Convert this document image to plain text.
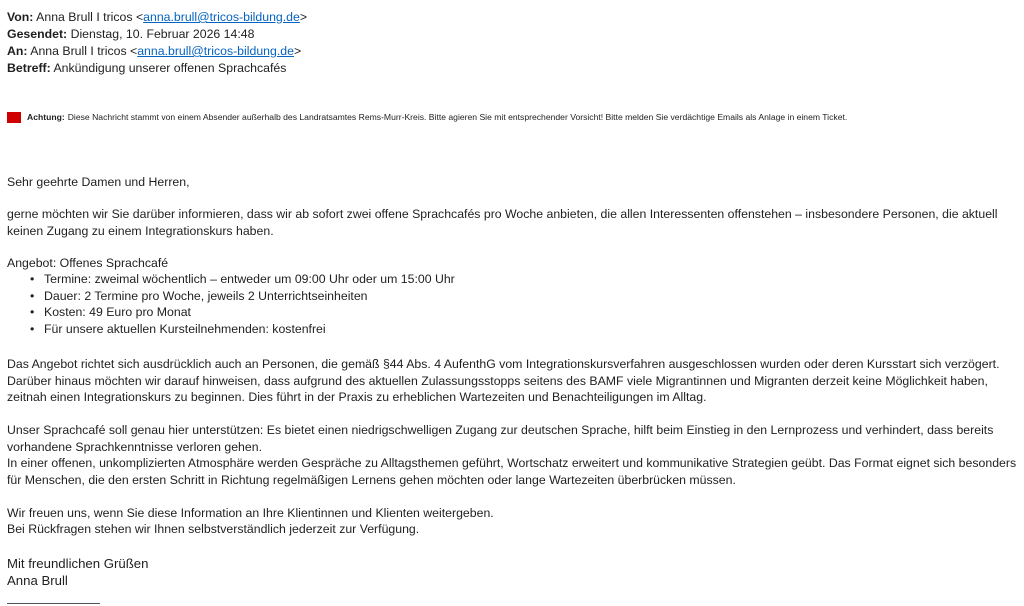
Von: Anna Brull I tricos <anna.brull@tricos-bildung.de>
Gesendet: Dienstag, 10. Februar 2026 14:48
An: Anna Brull I tricos <anna.brull@tricos-bildung.de>
Betreff: Ankündigung unserer offenen Sprachcafés
Achtung: Diese Nachricht stammt von einem Absender außerhalb des Landratsamtes Rems-Murr-Kreis. Bitte agieren Sie mit entsprechender Vorsicht! Bitte melden Sie verdächtige Emails als Anlage in einem Ticket.
Sehr geehrte Damen und Herren,
gerne möchten wir Sie darüber informieren, dass wir ab sofort zwei offene Sprachcafés pro Woche anbieten, die allen Interessenten offenstehen – insbesondere Personen, die aktuell keinen Zugang zu einem Integrationskurs haben.
Angebot: Offenes Sprachcafé
• Termine: zweimal wöchentlich – entweder um 09:00 Uhr oder um 15:00 Uhr
• Dauer: 2 Termine pro Woche, jeweils 2 Unterrichtseinheiten
• Kosten: 49 Euro pro Monat
• Für unsere aktuellen Kursteilnehmenden: kostenfrei
Das Angebot richtet sich ausdrücklich auch an Personen, die gemäß §44 Abs. 4 AufenthG vom Integrationskursverfahren ausgeschlossen wurden oder deren Kursstart sich verzögert. Darüber hinaus möchten wir darauf hinweisen, dass aufgrund des aktuellen Zulassungsstopps seitens des BAMF viele Migrantinnen und Migranten derzeit keine Möglichkeit haben, zeitnah einen Integrationskurs zu beginnen. Dies führt in der Praxis zu erheblichen Wartezeiten und Benachteiligungen im Alltag.
Unser Sprachcafé soll genau hier unterstützen: Es bietet einen niedrigschwelligen Zugang zur deutschen Sprache, hilft beim Einstieg in den Lernprozess und verhindert, dass bereits vorhandene Sprachkenntnisse verloren gehen.
In einer offenen, unkomplizierten Atmosphäre werden Gespräche zu Alltagsthemen geführt, Wortschatz erweitert und kommunikative Strategien geübt. Das Format eignet sich besonders für Menschen, die den ersten Schritt in Richtung regelmäßigen Lernens gehen möchten oder lange Wartezeiten überbrücken müssen.
Wir freuen uns, wenn Sie diese Information an Ihre Klientinnen und Klienten weitergeben.
Bei Rückfragen stehen wir Ihnen selbstverständlich jederzeit zur Verfügung.
Mit freundlichen Grüßen
Anna Brull
